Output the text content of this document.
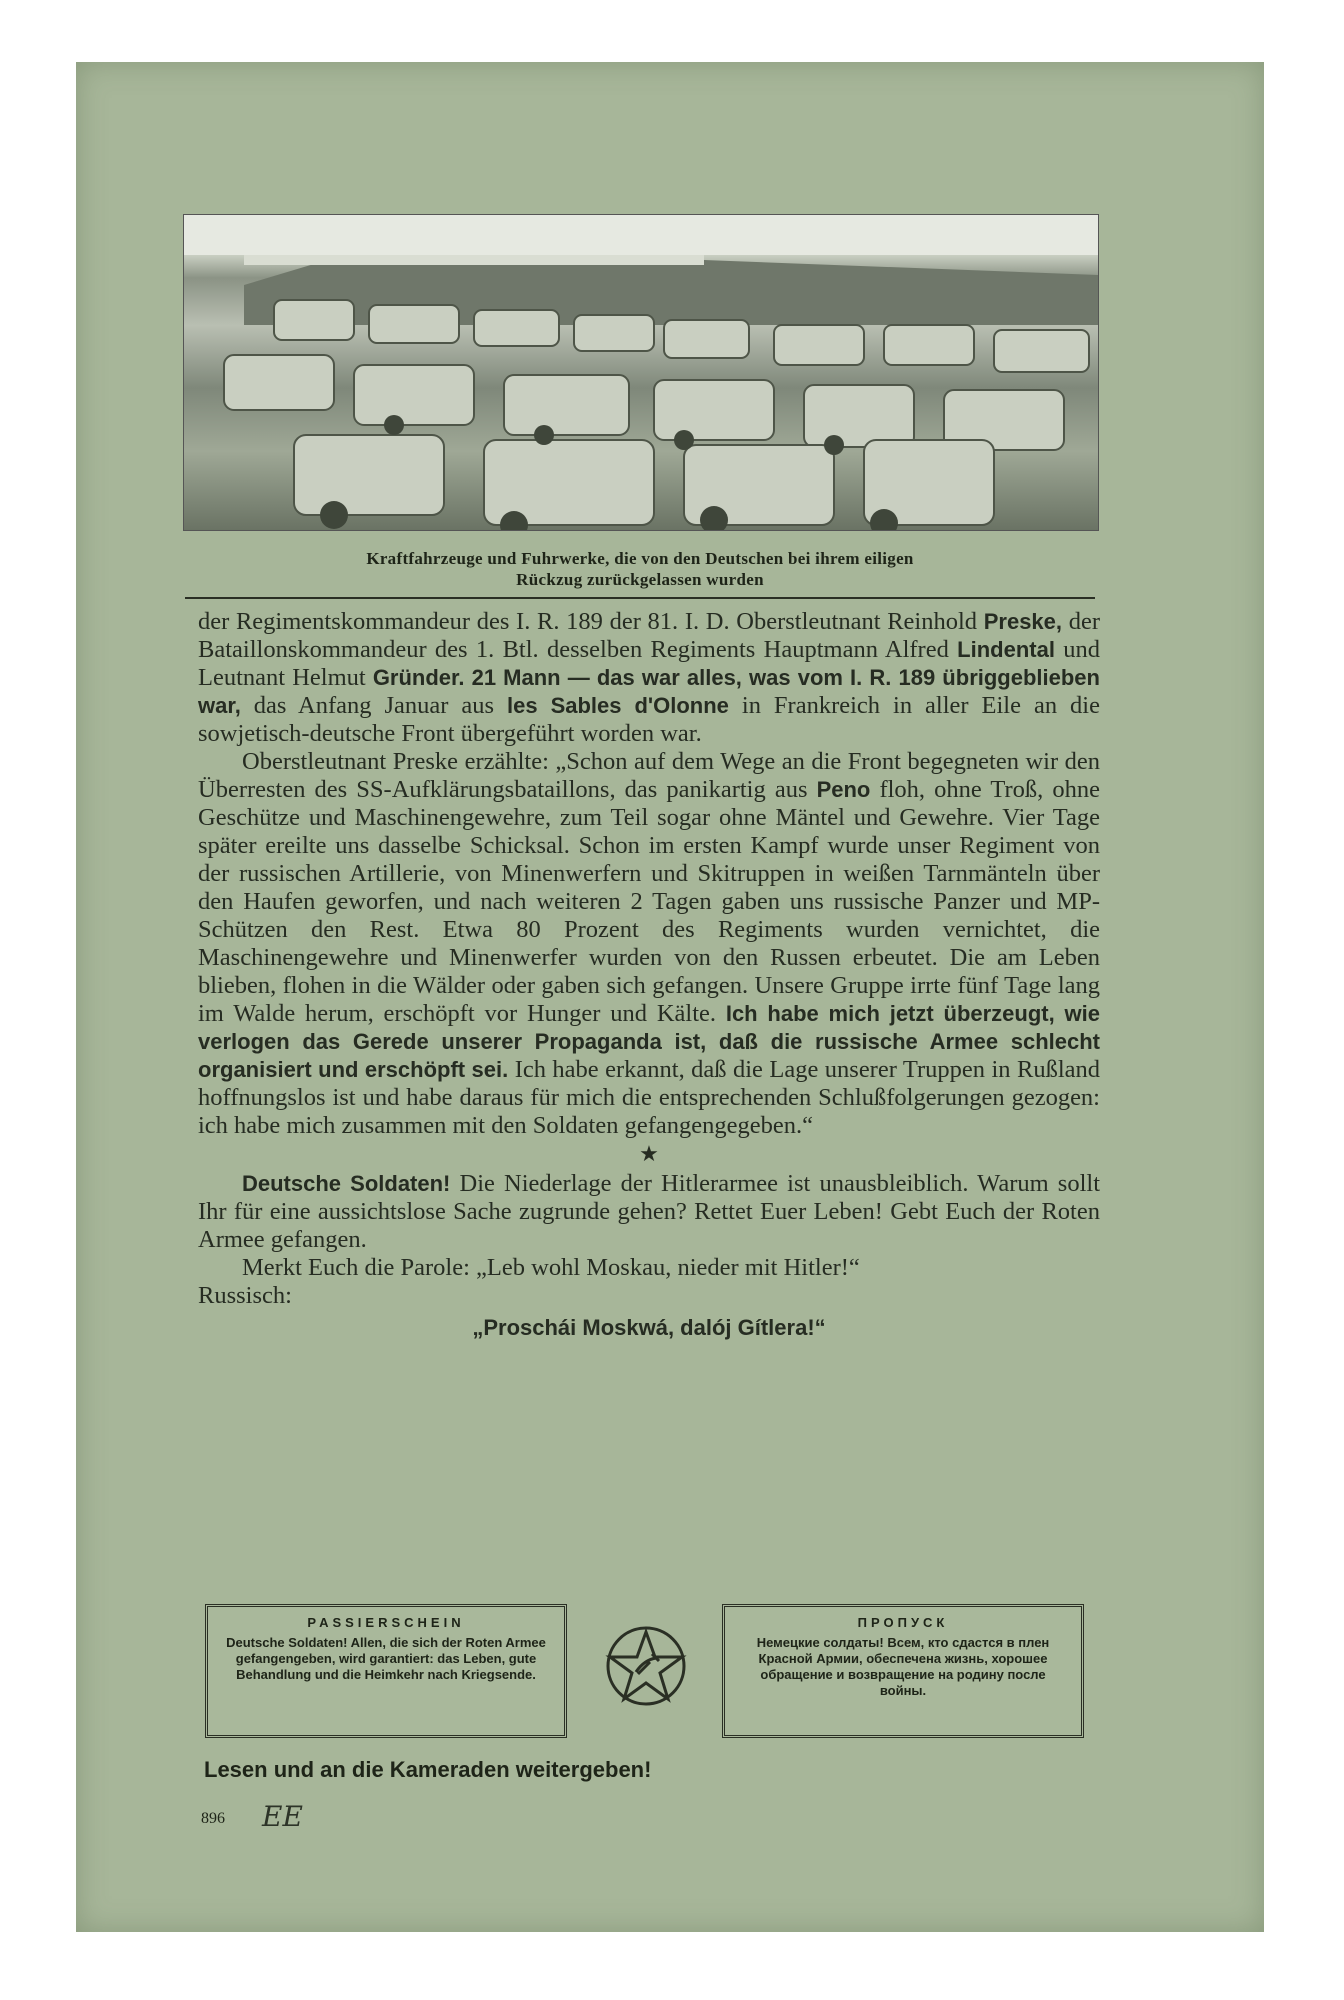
Kraftfahrzeuge und Fuhrwerke, die von den Deutschen bei ihrem eiligen
Rückzug zurückgelassen wurden

der Regimentskommandeur des I. R. 189 der 81. I. D. Oberstleutnant Reinhold Preske, der Bataillonskommandeur des 1. Btl. desselben Regiments Hauptmann Alfred Lindental und Leutnant Helmut Gründer. 21 Mann — das war alles, was vom I. R. 189 übriggeblieben war, das Anfang Januar aus les Sables d'Olonne in Frankreich in aller Eile an die sowjetisch-deutsche Front übergeführt worden war.

Oberstleutnant Preske erzählte: „Schon auf dem Wege an die Front begegneten wir den Überresten des SS-Aufklärungsbataillons, das panikartig aus Peno floh, ohne Troß, ohne Geschütze und Maschinengewehre, zum Teil sogar ohne Mäntel und Gewehre. Vier Tage später ereilte uns dasselbe Schicksal. Schon im ersten Kampf wurde unser Regiment von der russischen Artillerie, von Minenwerfern und Skitruppen in weißen Tarnmänteln über den Haufen geworfen, und nach weiteren 2 Tagen gaben uns russische Panzer und MP-Schützen den Rest. Etwa 80 Prozent des Regiments wurden vernichtet, die Maschinengewehre und Minenwerfer wurden von den Russen erbeutet. Die am Leben blieben, flohen in die Wälder oder gaben sich gefangen. Unsere Gruppe irrte fünf Tage lang im Walde herum, erschöpft vor Hunger und Kälte. Ich habe mich jetzt überzeugt, wie verlogen das Gerede unserer Propaganda ist, daß die russische Armee schlecht organisiert und erschöpft sei. Ich habe erkannt, daß die Lage unserer Truppen in Rußland hoffnungslos ist und habe daraus für mich die entsprechenden Schlußfolgerungen gezogen: ich habe mich zusammen mit den Soldaten gefangengegeben.“

★

Deutsche Soldaten! Die Niederlage der Hitlerarmee ist unausbleiblich. Warum sollt Ihr für eine aussichtslose Sache zugrunde gehen? Rettet Euer Leben! Gebt Euch der Roten Armee gefangen.

Merkt Euch die Parole: „Leb wohl Moskau, nieder mit Hitler!“

Russisch:

„Proschái Moskwá, dalój Gítlera!“
PASSIERSCHEIN
Deutsche Soldaten! Allen, die sich der Roten Armee gefangengeben, wird garantiert: das Leben, gute Behandlung und die Heimkehr nach Kriegsende.
ПРОПУСК
Немецкие солдаты! Всем, кто сдастся в плен Красной Армии, обеспечена жизнь, хорошее обращение и возвращение на родину после войны.
Lesen und an die Kameraden weitergeben!
896 EE
